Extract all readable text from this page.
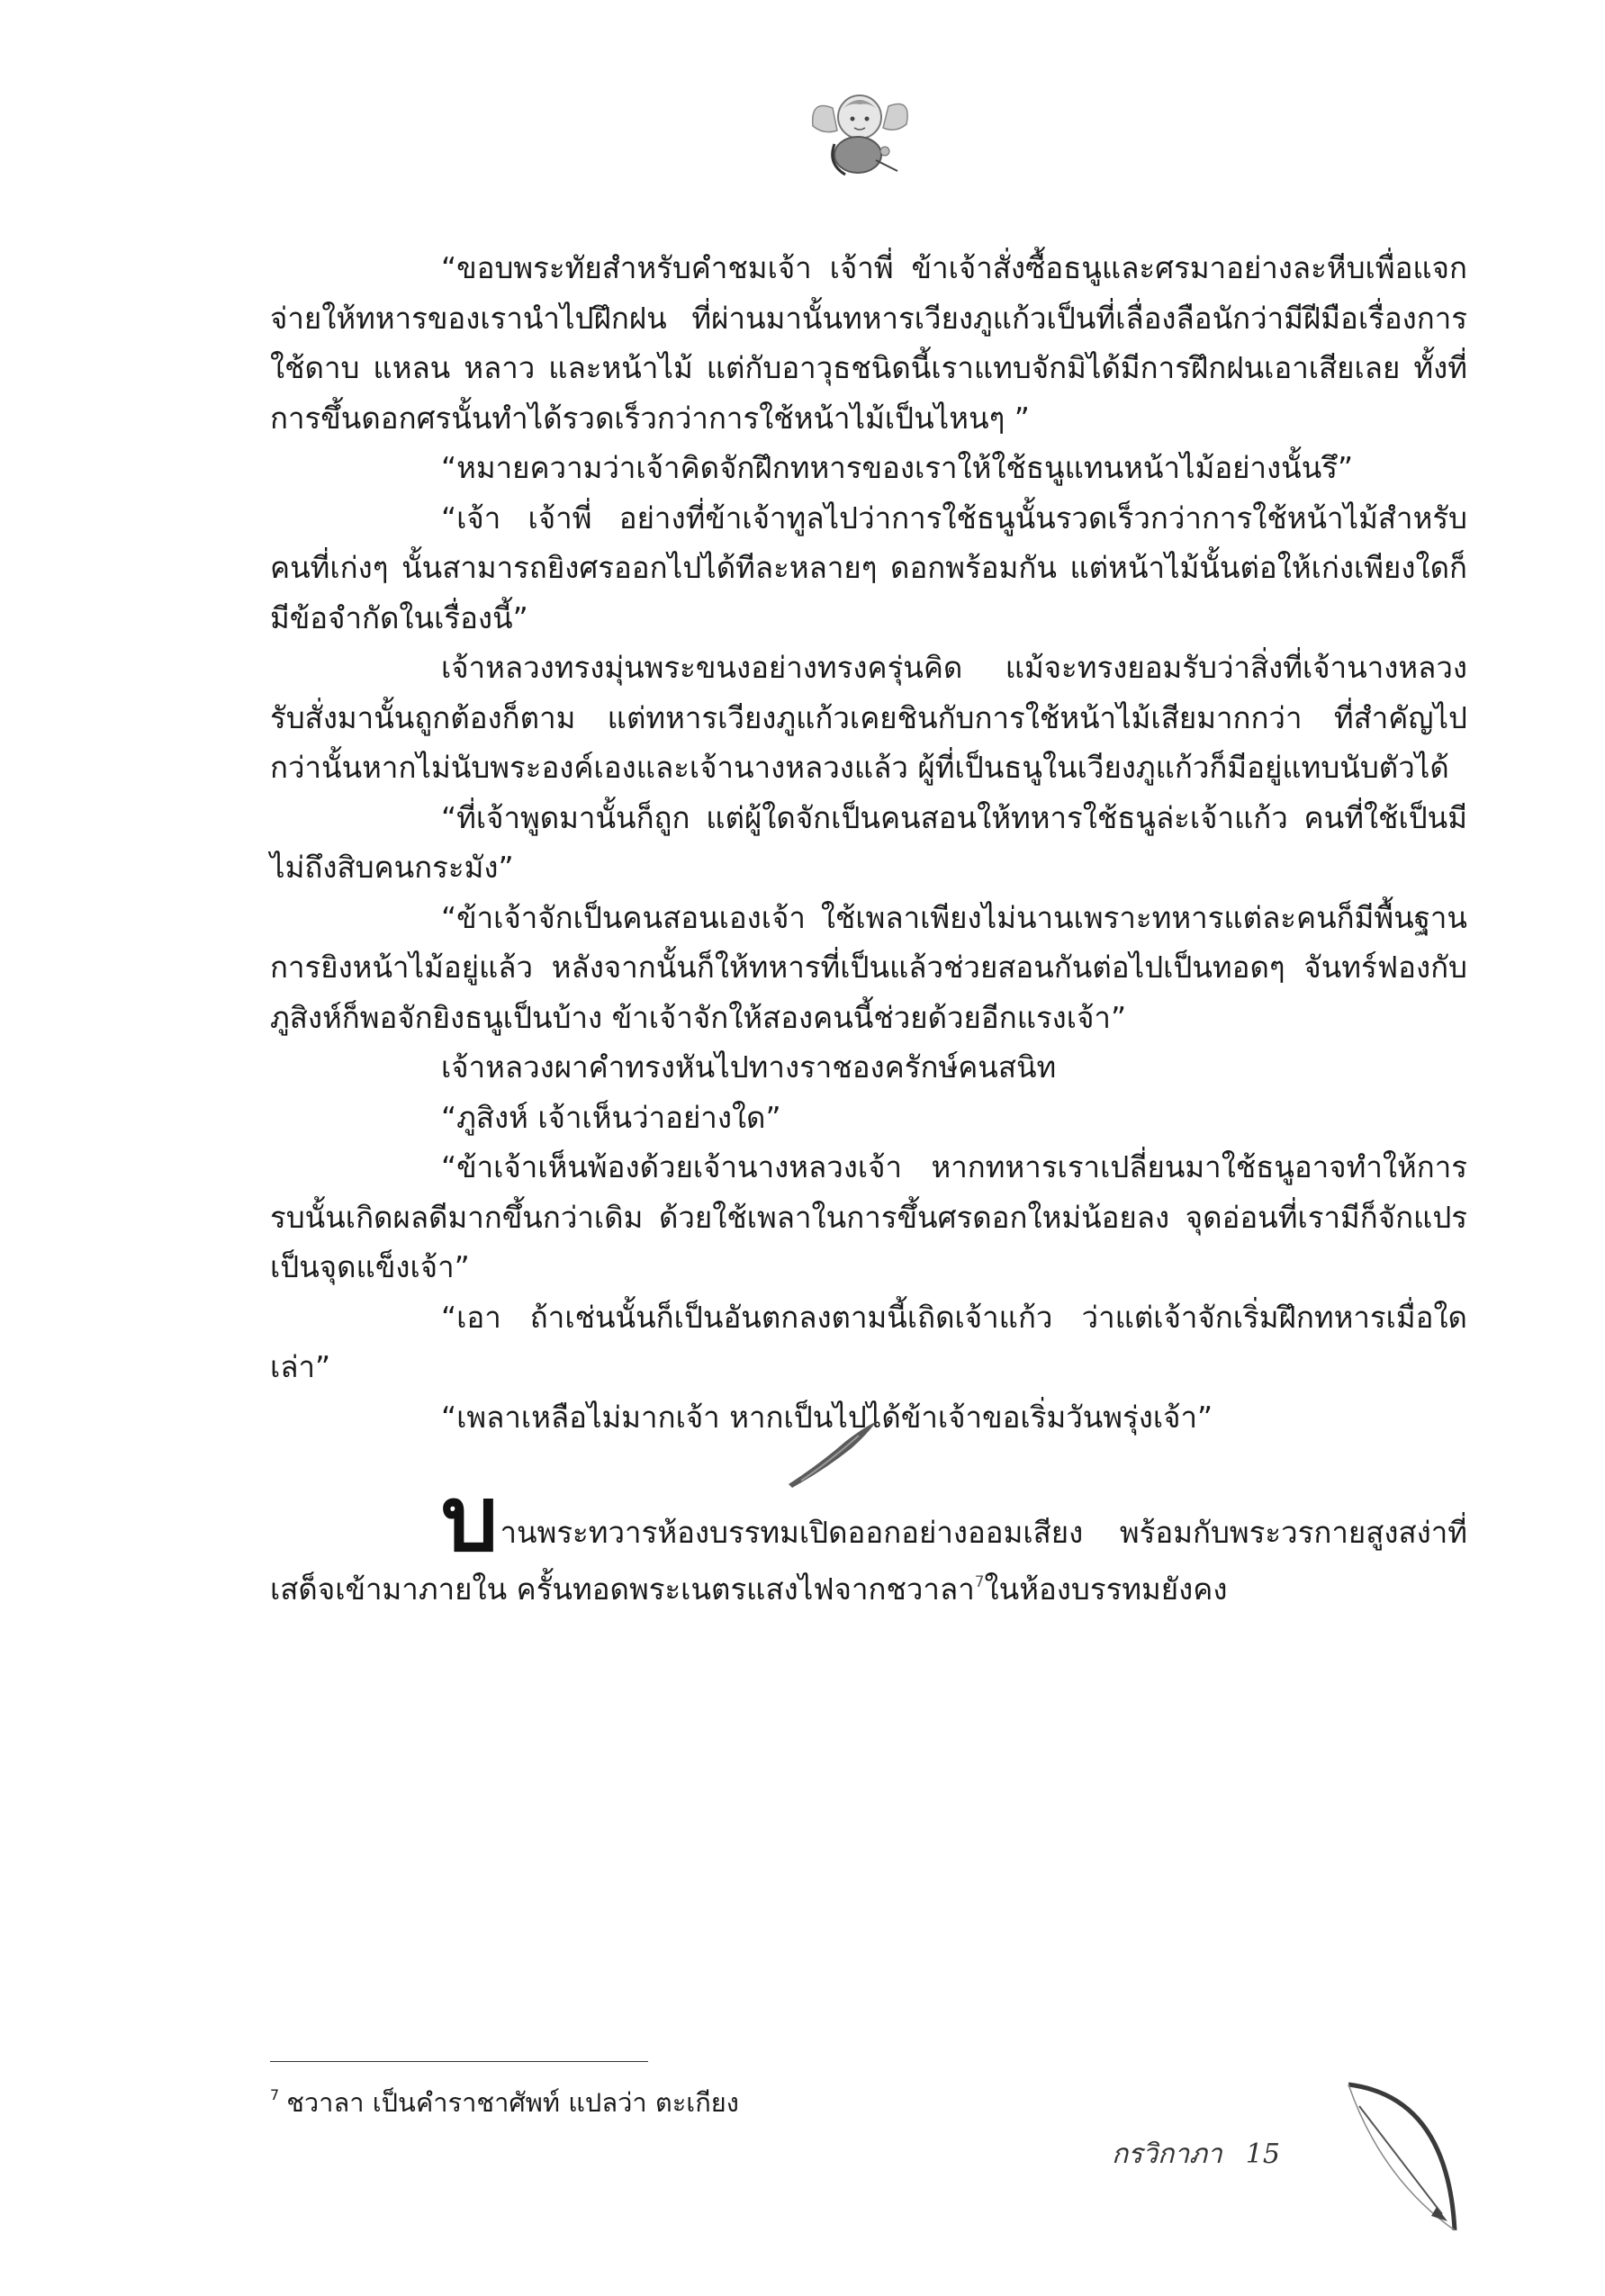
“ขอบพระทัยสำหรับคำชมเจ้า เจ้าพี่ ข้าเจ้าสั่งซื้อธนูและศรมาอย่างละหีบเพื่อแจกจ่ายให้ทหารของเรานำไปฝึกฝน ที่ผ่านมานั้นทหารเวียงภูแก้วเป็นที่เลื่องลือนักว่ามีฝีมือเรื่องการใช้ดาบ แหลน หลาว และหน้าไม้ แต่กับอาวุธชนิดนี้เราแทบจักมิได้มีการฝึกฝนเอาเสียเลย ทั้งที่การขึ้นดอกศรนั้นทำได้รวดเร็วกว่าการใช้หน้าไม้เป็นไหนๆ ”

“หมายความว่าเจ้าคิดจักฝึกทหารของเราให้ใช้ธนูแทนหน้าไม้อย่างนั้นรึ”

“เจ้า เจ้าพี่ อย่างที่ข้าเจ้าทูลไปว่าการใช้ธนูนั้นรวดเร็วกว่าการใช้หน้าไม้สำหรับคนที่เก่งๆ นั้นสามารถยิงศรออกไปได้ทีละหลายๆ ดอกพร้อมกัน แต่หน้าไม้นั้นต่อให้เก่งเพียงใดก็มีข้อจำกัดในเรื่องนี้”

เจ้าหลวงทรงมุ่นพระขนงอย่างทรงครุ่นคิด แม้จะทรงยอมรับว่าสิ่งที่เจ้านางหลวงรับสั่งมานั้นถูกต้องก็ตาม แต่ทหารเวียงภูแก้วเคยชินกับการใช้หน้าไม้เสียมากกว่า ที่สำคัญไปกว่านั้นหากไม่นับพระองค์เองและเจ้านางหลวงแล้ว ผู้ที่เป็นธนูในเวียงภูแก้วก็มีอยู่แทบนับตัวได้

“ที่เจ้าพูดมานั้นก็ถูก แต่ผู้ใดจักเป็นคนสอนให้ทหารใช้ธนูล่ะเจ้าแก้ว คนที่ใช้เป็นมีไม่ถึงสิบคนกระมัง”

“ข้าเจ้าจักเป็นคนสอนเองเจ้า ใช้เพลาเพียงไม่นานเพราะทหารแต่ละคนก็มีพื้นฐานการยิงหน้าไม้อยู่แล้ว หลังจากนั้นก็ให้ทหารที่เป็นแล้วช่วยสอนกันต่อไปเป็นทอดๆ จันทร์ฟองกับภูสิงห์ก็พอจักยิงธนูเป็นบ้าง ข้าเจ้าจักให้สองคนนี้ช่วยด้วยอีกแรงเจ้า”

เจ้าหลวงผาคำทรงหันไปทางราชองครักษ์คนสนิท

“ภูสิงห์ เจ้าเห็นว่าอย่างใด”

“ข้าเจ้าเห็นพ้องด้วยเจ้านางหลวงเจ้า หากทหารเราเปลี่ยนมาใช้ธนูอาจทำให้การรบนั้นเกิดผลดีมากขึ้นกว่าเดิม ด้วยใช้เพลาในการขึ้นศรดอกใหม่น้อยลง จุดอ่อนที่เรามีก็จักแปรเป็นจุดแข็งเจ้า”

“เอา ถ้าเช่นนั้นก็เป็นอันตกลงตามนี้เถิดเจ้าแก้ว ว่าแต่เจ้าจักเริ่มฝึกทหารเมื่อใดเล่า”

“เพลาเหลือไม่มากเจ้า หากเป็นไปได้ข้าเจ้าขอเริ่มวันพรุ่งเจ้า”

บานพระทวารห้องบรรทมเปิดออกอย่างออมเสียง พร้อมกับพระวรกายสูงสง่าที่เสด็จเข้ามาภายใน ครั้นทอดพระเนตรแสงไฟจากชวาลา$^7$ในห้องบรรทมยังคง

$^7$ ชวาลา เป็นคำราชาศัพท์ แปลว่า ตะเกียง
กรวิกาภา 15
